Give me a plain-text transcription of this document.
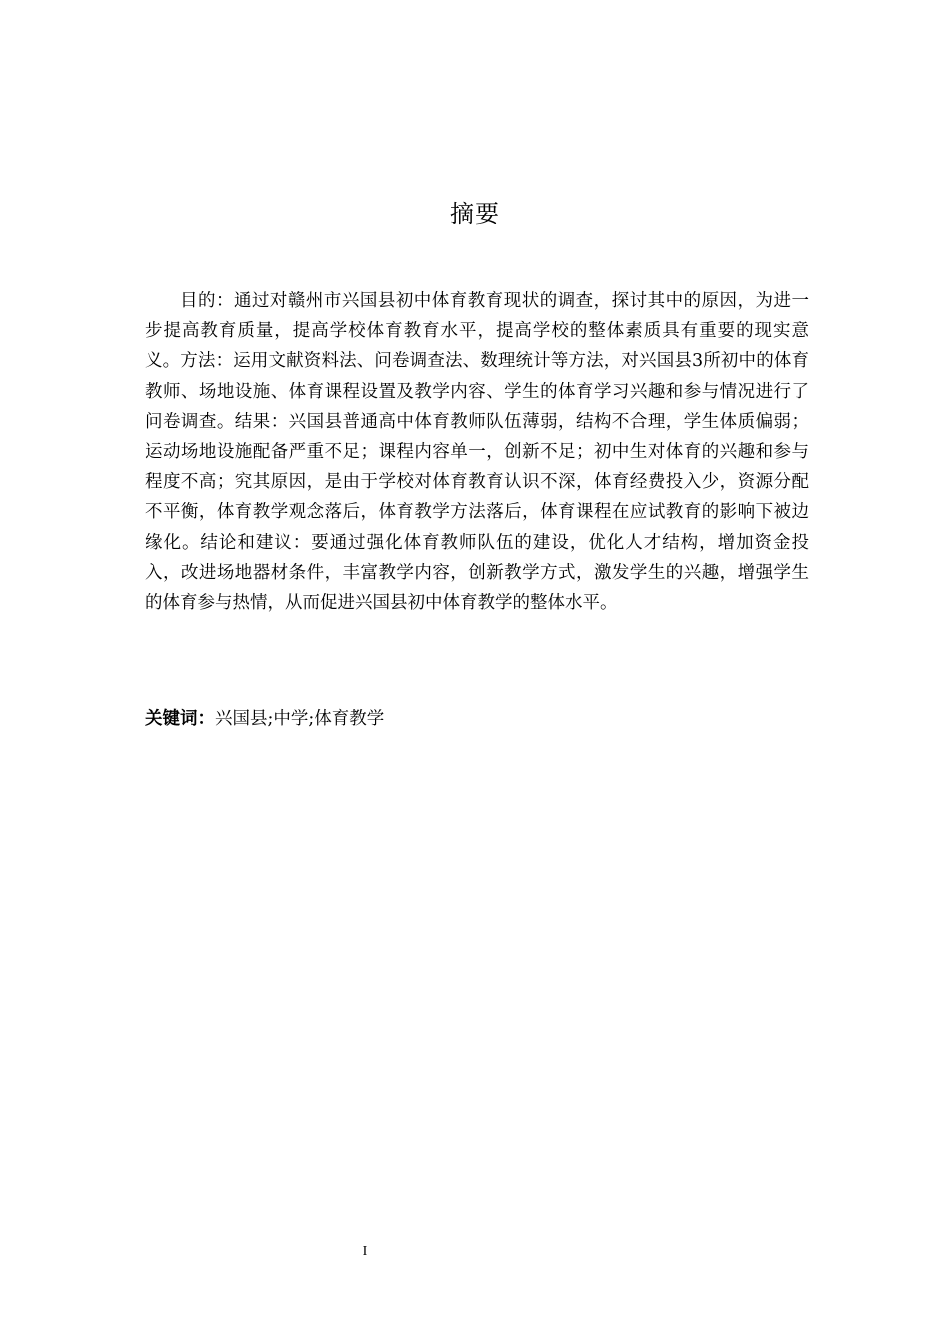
摘要

目的：通过对赣州市兴国县初中体育教育现状的调查，探讨其中的原因，为进一步提高教育质量，提高学校体育教育水平，提高学校的整体素质具有重要的现实意义。方法：运用文献资料法、问卷调查法、数理统计等方法，对兴国县3所初中的体育教师、场地设施、体育课程设置及教学内容、学生的体育学习兴趣和参与情况进行了问卷调查。结果：兴国县普通高中体育教师队伍薄弱，结构不合理，学生体质偏弱；运动场地设施配备严重不足；课程内容单一，创新不足；初中生对体育的兴趣和参与程度不高；究其原因，是由于学校对体育教育认识不深，体育经费投入少，资源分配不平衡，体育教学观念落后，体育教学方法落后，体育课程在应试教育的影响下被边缘化。结论和建议：要通过强化体育教师队伍的建设，优化人才结构，增加资金投入，改进场地器材条件，丰富教学内容，创新教学方式，激发学生的兴趣，增强学生的体育参与热情，从而促进兴国县初中体育教学的整体水平。

关键词：兴国县;中学;体育教学
I
